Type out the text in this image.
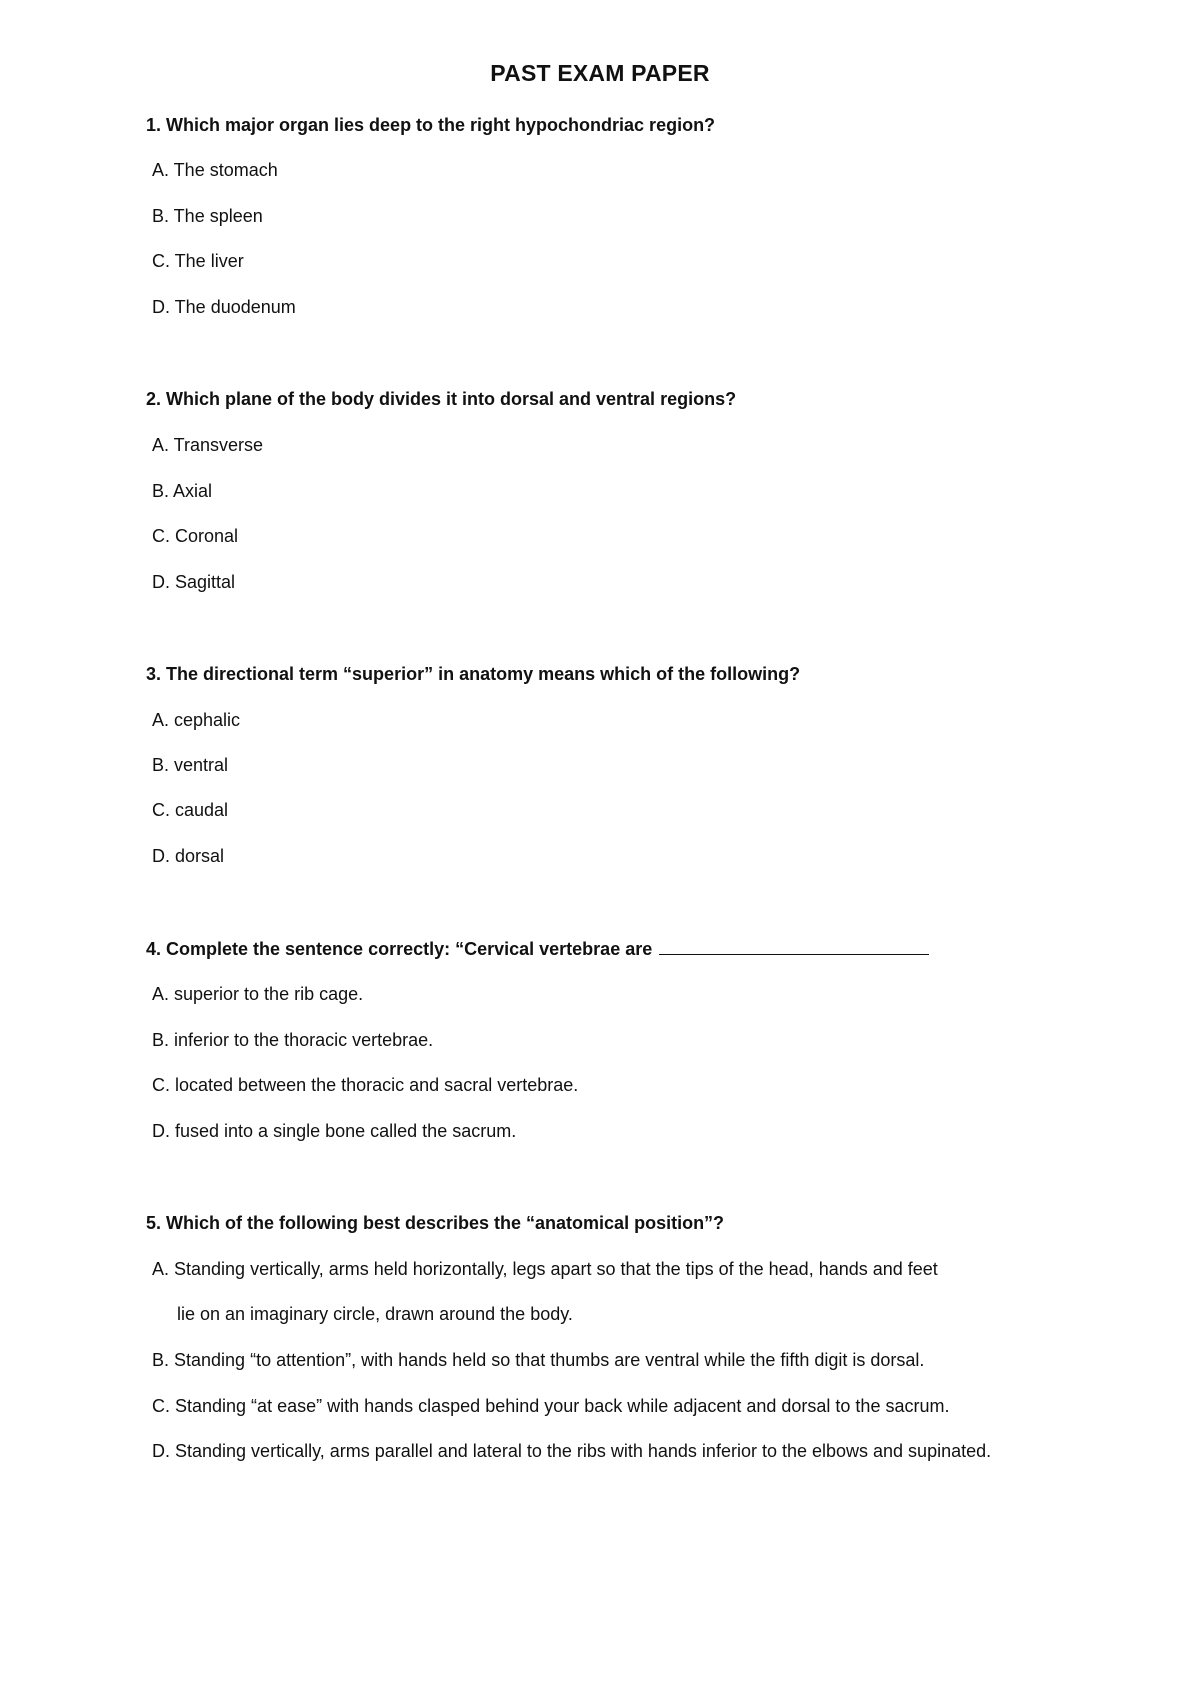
PAST EXAM PAPER
1. Which major organ lies deep to the right hypochondriac region?
A. The stomach
B. The spleen
C. The liver
D. The duodenum
2. Which plane of the body divides it into dorsal and ventral regions?
A. Transverse
B. Axial
C. Coronal
D. Sagittal
3. The directional term “superior” in anatomy means which of the following?
A. cephalic
B. ventral
C. caudal
D. dorsal
4. Complete the sentence correctly: “Cervical vertebrae are
A. superior to the rib cage.
B. inferior to the thoracic vertebrae.
C. located between the thoracic and sacral vertebrae.
D. fused into a single bone called the sacrum.
5. Which of the following best describes the “anatomical position”?
A. Standing vertically, arms held horizontally, legs apart so that the tips of the head, hands and feet
lie on an imaginary circle, drawn around the body.
B. Standing “to attention”, with hands held so that thumbs are ventral while the fifth digit is dorsal.
C. Standing “at ease” with hands clasped behind your back while adjacent and dorsal to the sacrum.
D. Standing vertically, arms parallel and lateral to the ribs with hands inferior to the elbows and supinated.
